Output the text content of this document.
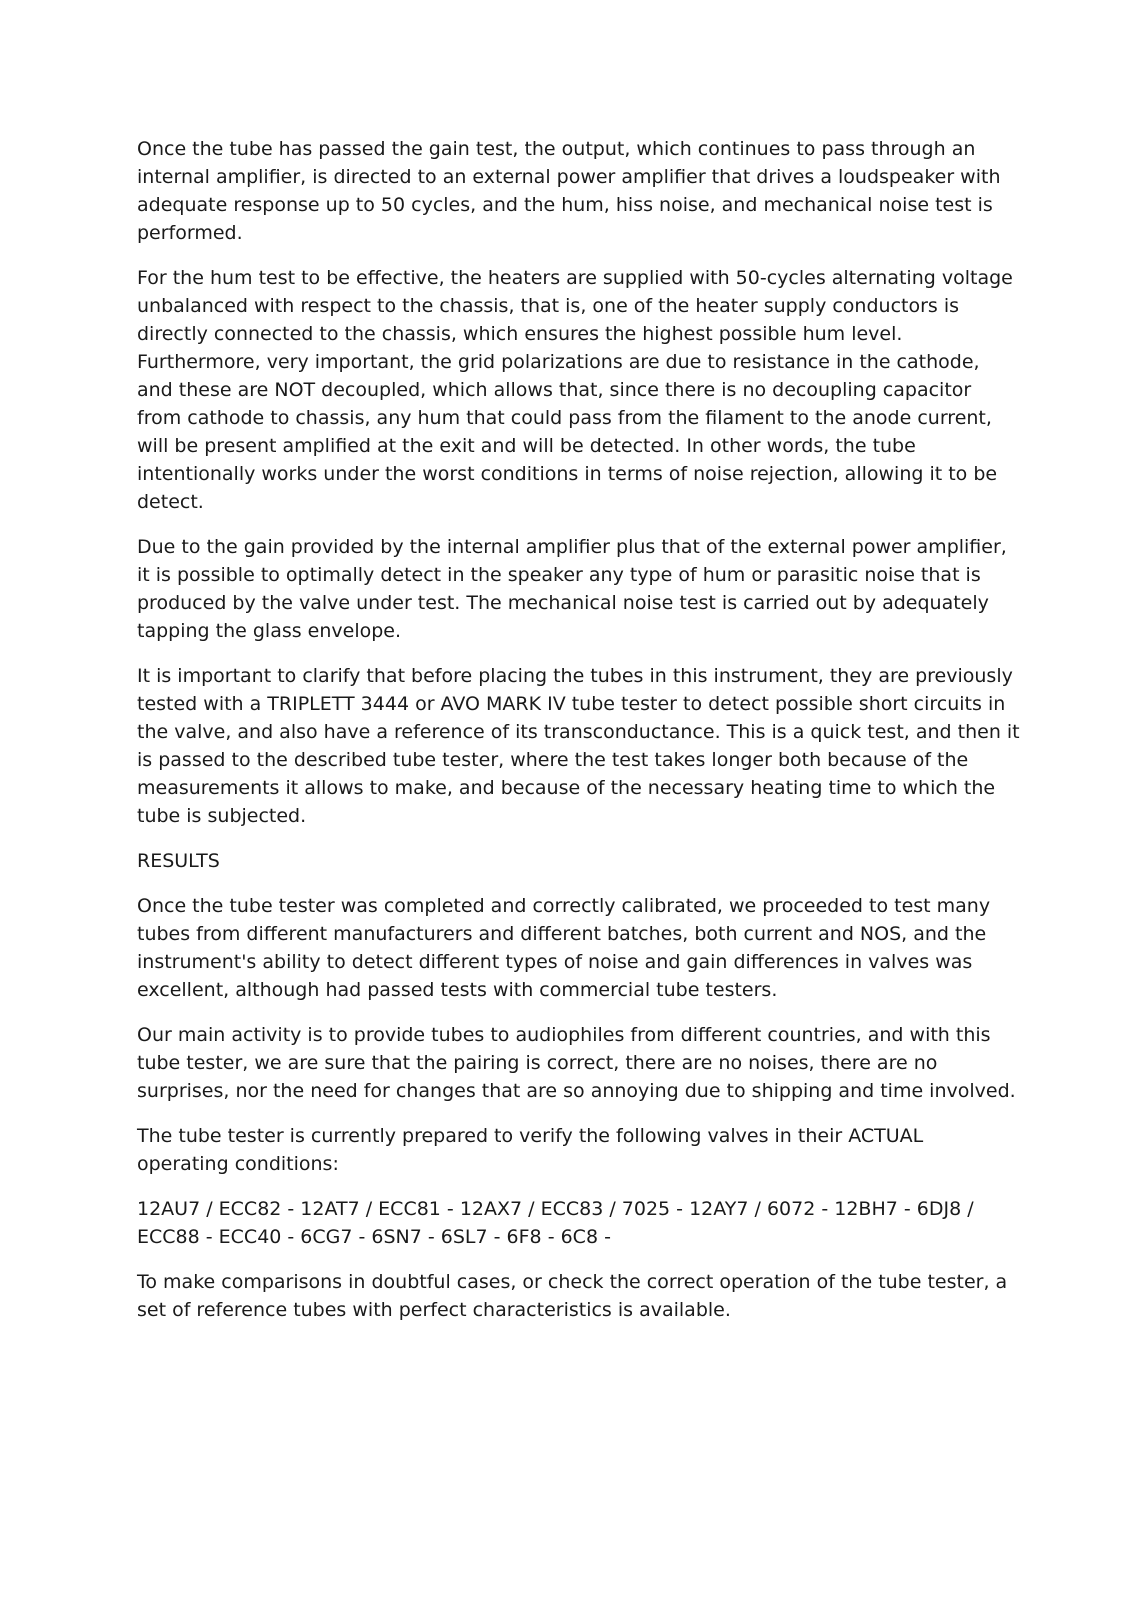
Once the tube has passed the gain test, the output, which continues to pass through an
internal amplifier, is directed to an external power amplifier that drives a loudspeaker with
adequate response up to 50 cycles, and the hum, hiss noise, and mechanical noise test is
performed.

For the hum test to be effective, the heaters are supplied with 50-cycles alternating voltage
unbalanced with respect to the chassis, that is, one of the heater supply conductors is
directly connected to the chassis, which ensures the highest possible hum level.
Furthermore, very important, the grid polarizations are due to resistance in the cathode,
and these are NOT decoupled, which allows that, since there is no decoupling capacitor
from cathode to chassis, any hum that could pass from the filament to the anode current,
will be present amplified at the exit and will be detected. In other words, the tube
intentionally works under the worst conditions in terms of noise rejection, allowing it to be
detect.

Due to the gain provided by the internal amplifier plus that of the external power amplifier,
it is possible to optimally detect in the speaker any type of hum or parasitic noise that is
produced by the valve under test. The mechanical noise test is carried out by adequately
tapping the glass envelope.

It is important to clarify that before placing the tubes in this instrument, they are previously
tested with a TRIPLETT 3444 or AVO MARK IV tube tester to detect possible short circuits in
the valve, and also have a reference of its transconductance. This is a quick test, and then it
is passed to the described tube tester, where the test takes longer both because of the
measurements it allows to make, and because of the necessary heating time to which the
tube is subjected.

RESULTS

Once the tube tester was completed and correctly calibrated, we proceeded to test many
tubes from different manufacturers and different batches, both current and NOS, and the
instrument's ability to detect different types of noise and gain differences in valves was
excellent, although had passed tests with commercial tube testers.

Our main activity is to provide tubes to audiophiles from different countries, and with this
tube tester, we are sure that the pairing is correct, there are no noises, there are no
surprises, nor the need for changes that are so annoying due to shipping and time involved.

The tube tester is currently prepared to verify the following valves in their ACTUAL
operating conditions:

12AU7 / ECC82 - 12AT7 / ECC81 - 12AX7 / ECC83 / 7025 - 12AY7 / 6072 - 12BH7 - 6DJ8 /
ECC88 - ECC40 - 6CG7 - 6SN7 - 6SL7 - 6F8 - 6C8 -

To make comparisons in doubtful cases, or check the correct operation of the tube tester, a
set of reference tubes with perfect characteristics is available.
